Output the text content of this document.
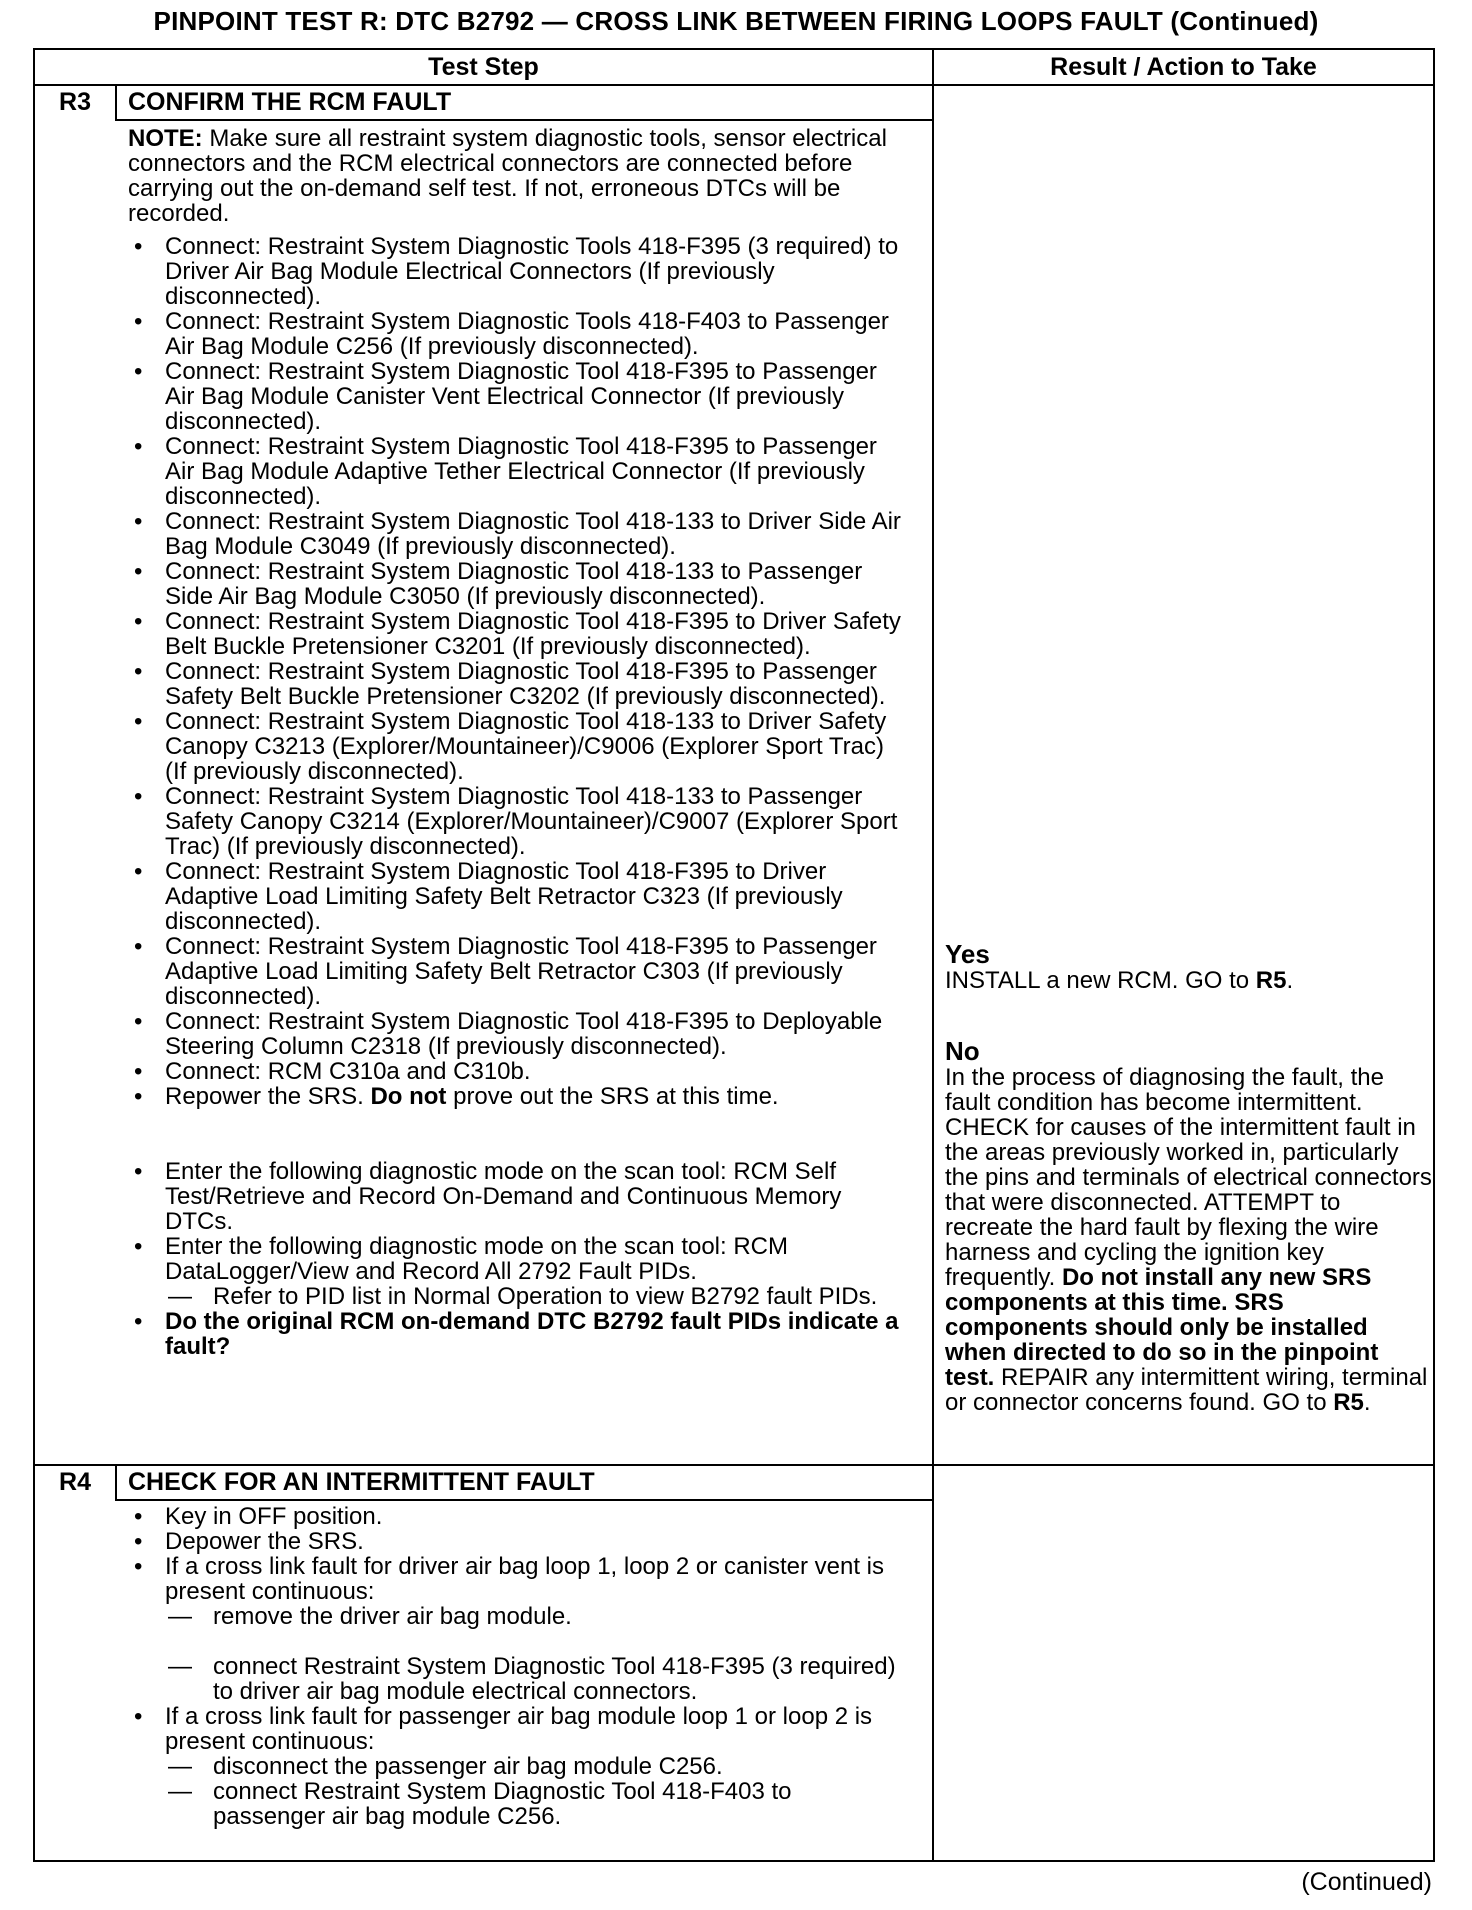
PINPOINT TEST R: DTC B2792 — CROSS LINK BETWEEN FIRING LOOPS FAULT (Continued)
Test Step	Result / Action to Take
R3	CONFIRM THE RCM FAULT

NOTE: Make sure all restraint system diagnostic tools, sensor electrical connectors and the RCM electrical connectors are connected before carrying out the on-demand self test. If not, erroneous DTCs will be recorded.

• Connect: Restraint System Diagnostic Tools 418-F395 (3 required) to Driver Air Bag Module Electrical Connectors (If previously disconnected).
• Connect: Restraint System Diagnostic Tools 418-F403 to Passenger Air Bag Module C256 (If previously disconnected).
• Connect: Restraint System Diagnostic Tool 418-F395 to Passenger Air Bag Module Canister Vent Electrical Connector (If previously disconnected).
• Connect: Restraint System Diagnostic Tool 418-F395 to Passenger Air Bag Module Adaptive Tether Electrical Connector (If previously disconnected).
• Connect: Restraint System Diagnostic Tool 418-133 to Driver Side Air Bag Module C3049 (If previously disconnected).
• Connect: Restraint System Diagnostic Tool 418-133 to Passenger Side Air Bag Module C3050 (If previously disconnected).
• Connect: Restraint System Diagnostic Tool 418-F395 to Driver Safety Belt Buckle Pretensioner C3201 (If previously disconnected).
• Connect: Restraint System Diagnostic Tool 418-F395 to Passenger Safety Belt Buckle Pretensioner C3202 (If previously disconnected).
• Connect: Restraint System Diagnostic Tool 418-133 to Driver Safety Canopy C3213 (Explorer/Mountaineer)/C9006 (Explorer Sport Trac) (If previously disconnected).
• Connect: Restraint System Diagnostic Tool 418-133 to Passenger Safety Canopy C3214 (Explorer/Mountaineer)/C9007 (Explorer Sport Trac) (If previously disconnected).
• Connect: Restraint System Diagnostic Tool 418-F395 to Driver Adaptive Load Limiting Safety Belt Retractor C323 (If previously disconnected).
• Connect: Restraint System Diagnostic Tool 418-F395 to Passenger Adaptive Load Limiting Safety Belt Retractor C303 (If previously disconnected).
• Connect: Restraint System Diagnostic Tool 418-F395 to Deployable Steering Column C2318 (If previously disconnected).
• Connect: RCM C310a and C310b.
• Repower the SRS. Do not prove out the SRS at this time.
• Enter the following diagnostic mode on the scan tool: RCM Self Test/Retrieve and Record On-Demand and Continuous Memory DTCs.
• Enter the following diagnostic mode on the scan tool: RCM DataLogger/View and Record All 2792 Fault PIDs.
— Refer to PID list in Normal Operation to view B2792 fault PIDs.
• Do the original RCM on-demand DTC B2792 fault PIDs indicate a fault?

Yes

INSTALL a new RCM. GO to R5.

No

In the process of diagnosing the fault, the fault condition has become intermittent. CHECK for causes of the intermittent fault in the areas previously worked in, particularly the pins and terminals of electrical connectors that were disconnected. ATTEMPT to recreate the hard fault by flexing the wire harness and cycling the ignition key frequently. Do not install any new SRS components at this time. SRS components should only be installed when directed to do so in the pinpoint test. REPAIR any intermittent wiring, terminal or connector concerns found. GO to R5.

R4	CHECK FOR AN INTERMITTENT FAULT
• Key in OFF position.
• Depower the SRS.
• If a cross link fault for driver air bag loop 1, loop 2 or canister vent is present continuous:
— remove the driver air bag module.
— connect Restraint System Diagnostic Tool 418-F395 (3 required) to driver air bag module electrical connectors.
• If a cross link fault for passenger air bag module loop 1 or loop 2 is present continuous:
— disconnect the passenger air bag module C256.
— connect Restraint System Diagnostic Tool 418-F403 to passenger air bag module C256.
(Continued)
